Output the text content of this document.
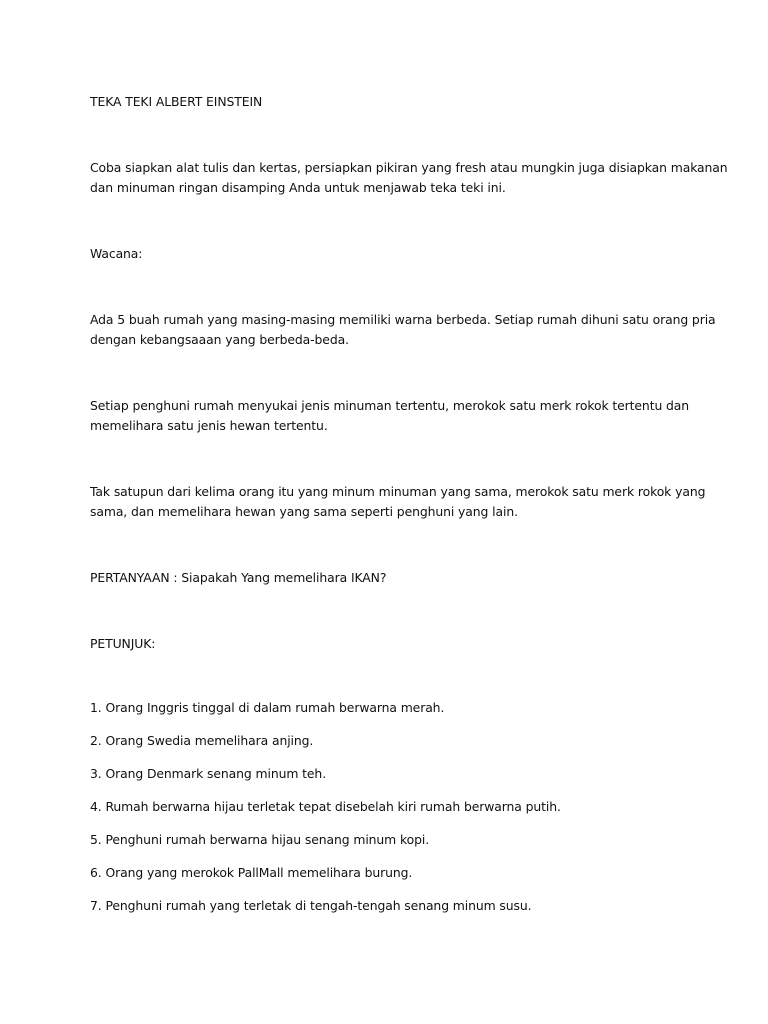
TEKA TEKI ALBERT EINSTEIN

Coba siapkan alat tulis dan kertas, persiapkan pikiran yang fresh atau mungkin juga disiapkan makanan

dan minuman ringan disamping Anda untuk menjawab teka teki ini.

Wacana:

Ada 5 buah rumah yang masing-masing memiliki warna berbeda. Setiap rumah dihuni satu orang pria

dengan kebangsaaan yang berbeda-beda.

Setiap penghuni rumah menyukai jenis minuman tertentu, merokok satu merk rokok tertentu dan

memelihara satu jenis hewan tertentu.

Tak satupun dari kelima orang itu yang minum minuman yang sama, merokok satu merk rokok yang

sama, dan memelihara hewan yang sama seperti penghuni yang lain.

PERTANYAAN : Siapakah Yang memelihara IKAN?

PETUNJUK:

1. Orang Inggris tinggal di dalam rumah berwarna merah.

2. Orang Swedia memelihara anjing.

3. Orang Denmark senang minum teh.

4. Rumah berwarna hijau terletak tepat disebelah kiri rumah berwarna putih.

5. Penghuni rumah berwarna hijau senang minum kopi.

6. Orang yang merokok PallMall memelihara burung.

7. Penghuni rumah yang terletak di tengah-tengah senang minum susu.
